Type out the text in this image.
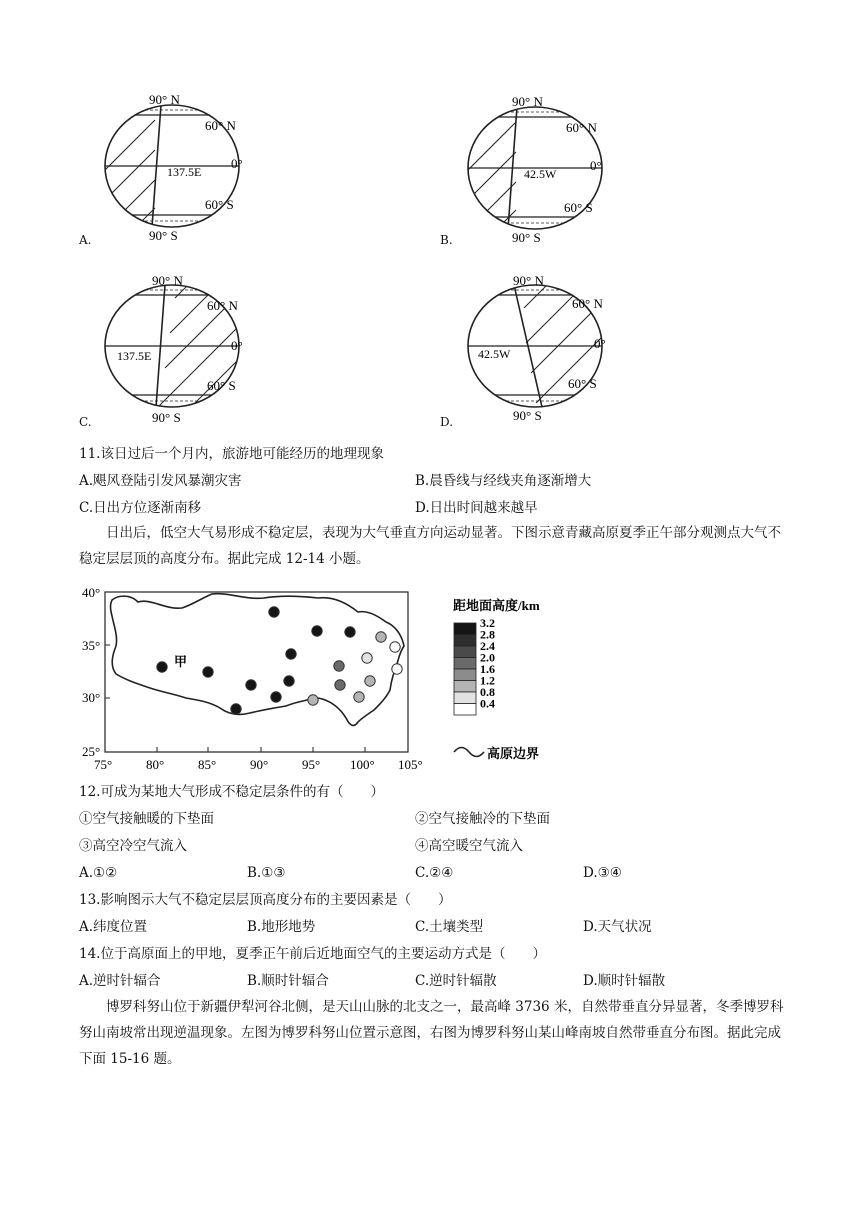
90° N
60° N
0°
60° S
90° S
137.5E
A.
90° N
60° N
0°
60° S
90° S
42.5W
B.
90° N
60° N
0°
60° S
90° S
137.5E
C.
90° N
60° N
0°
60° S
90° S
42.5W
D.
11.该日过后一个月内，旅游地可能经历的地理现象
A.飓风登陆引发风暴潮灾害	B.晨昏线与经线夹角逐渐增大
C.日出方位逐渐南移	D.日出时间越来越早
日出后，低空大气易形成不稳定层，表现为大气垂直方向运动显著。下图示意青藏高原夏季正午部分观测点大气不稳定层层顶的高度分布。据此完成 12-14 小题。
40°
35°
30°
25°
75°	80°	85°	90°	95° 100° 105°
甲
距地面高度/km
3.2
2.8
2.4
2.0
1.6
1.2
0.8
0.4
高原边界
12.可成为某地大气形成不稳定层条件的有（　　）
①空气接触暖的下垫面	②空气接触冷的下垫面
③高空冷空气流入	④高空暖空气流入
A.①②	B.①③	C.②④	D.③④
13.影响图示大气不稳定层层顶高度分布的主要因素是（　　）
A.纬度位置	B.地形地势	C.土壤类型	D.天气状况
14.位于高原面上的甲地，夏季正午前后近地面空气的主要运动方式是（　　）
A.逆时针辐合	B.顺时针辐合	C.逆时针辐散	D.顺时针辐散
博罗科努山位于新疆伊犁河谷北侧，是天山山脉的北支之一，最高峰 3736 米，自然带垂直分异显著，冬季博罗科努山南坡常出现逆温现象。左图为博罗科努山位置示意图，右图为博罗科努山某山峰南坡自然带垂直分布图。据此完成下面 15-16 题。
